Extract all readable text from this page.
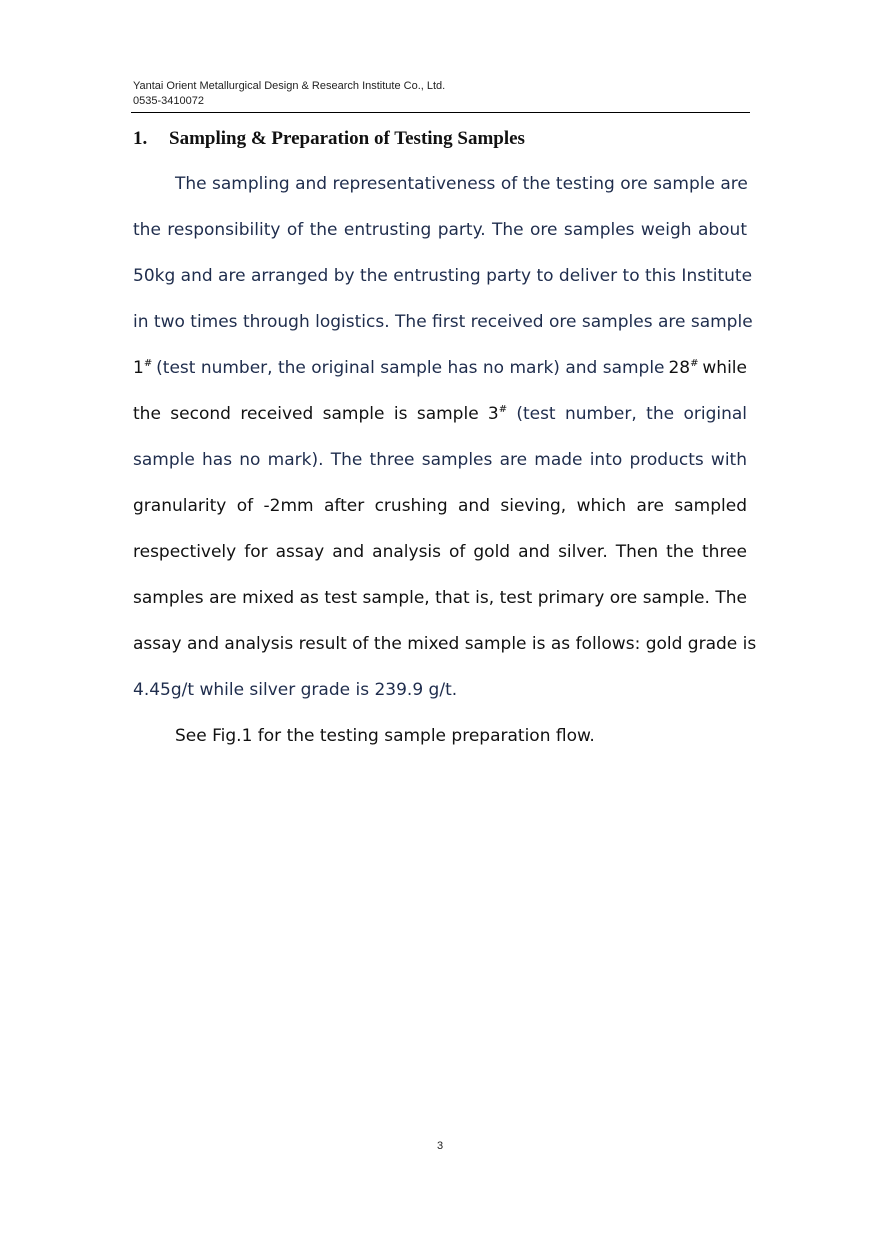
Yantai Orient Metallurgical Design & Research Institute Co., Ltd.
0535-3410072
1. Sampling & Preparation of Testing Samples
The sampling and representativeness of the testing ore sample are
the responsibility of the entrusting party. The ore samples weigh about
50kg and are arranged by the entrusting party to deliver to this Institute
in two times through logistics. The first received ore samples are sample
1# (test number, the original sample has no mark) and sample 28# while
the second received sample is sample 3# (test number, the original
sample has no mark). The three samples are made into products with
granularity of -2mm after crushing and sieving, which are sampled
respectively for assay and analysis of gold and silver. Then the three
samples are mixed as test sample, that is, test primary ore sample. The
assay and analysis result of the mixed sample is as follows: gold grade is
4.45g/t while silver grade is 239.9 g/t.
See Fig.1 for the testing sample preparation flow.
3
